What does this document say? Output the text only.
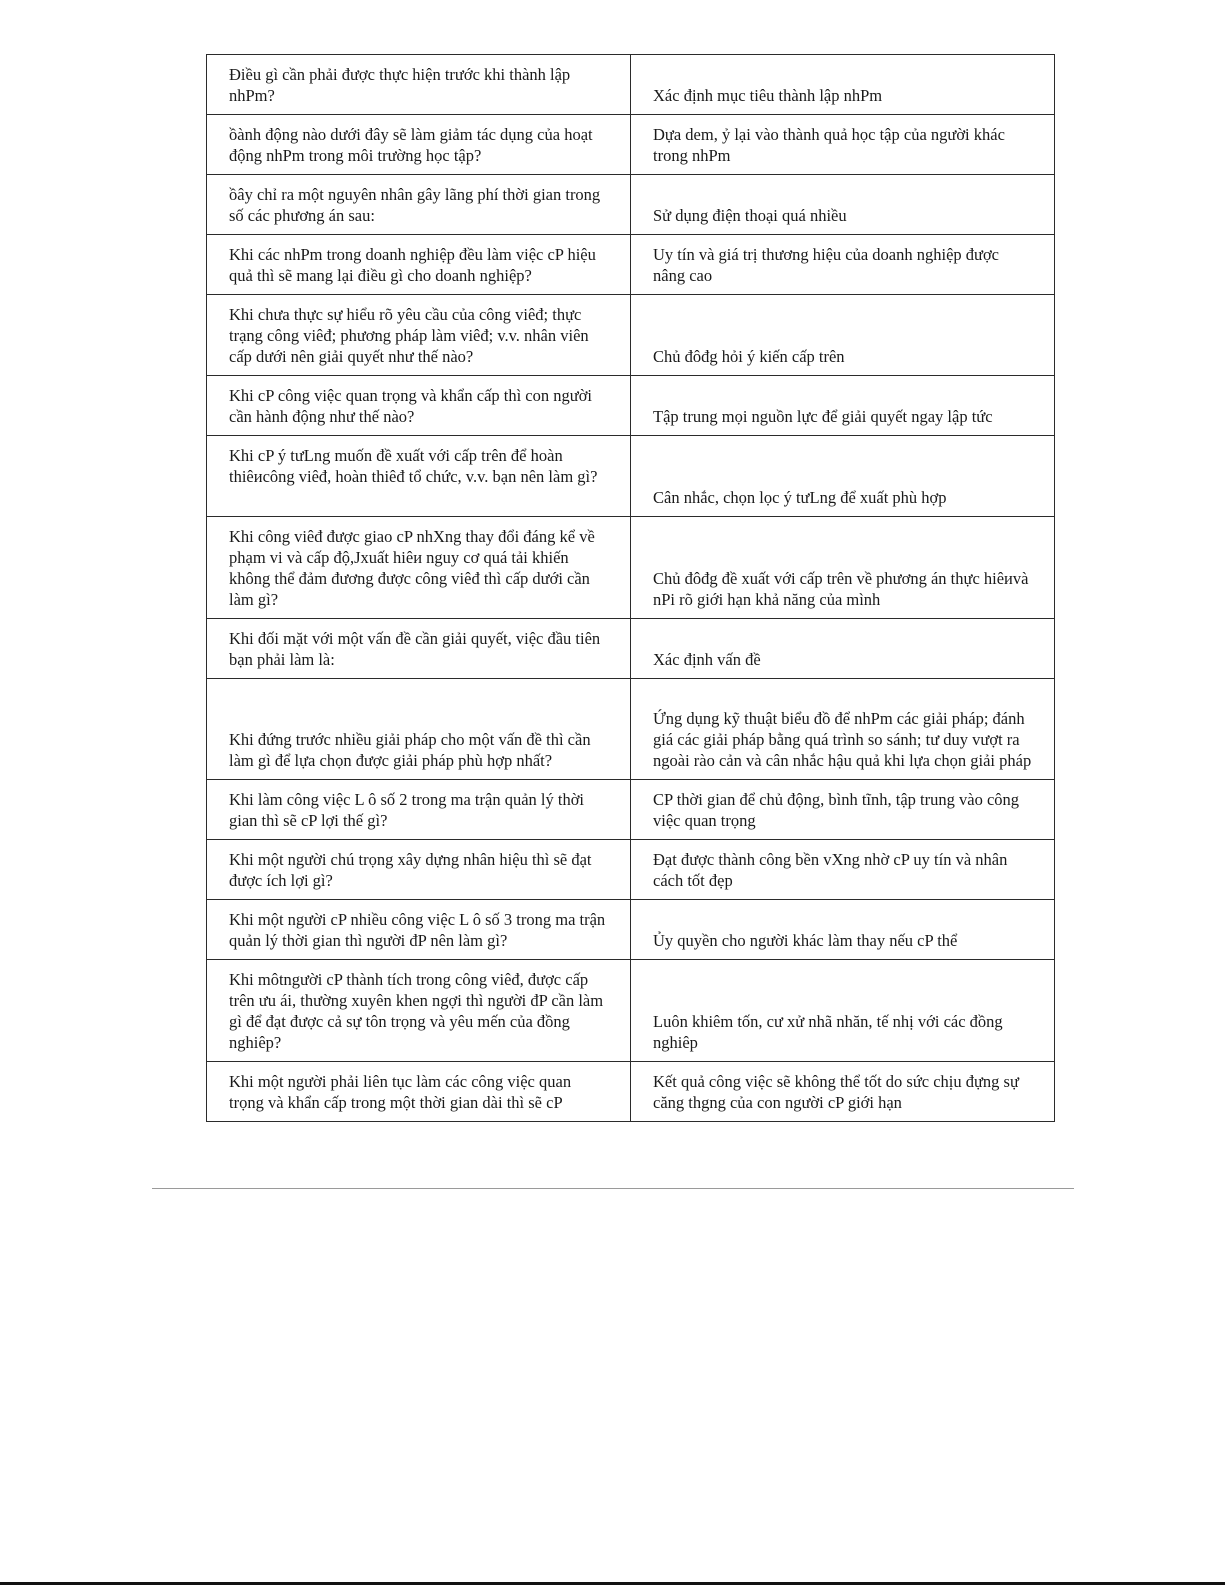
Điều gì cần phải được thực hiện trước khi thành lập nhPm?	Xác định mục tiêu thành lập nhPm
ồành động nào dưới đây sẽ làm giảm tác dụng của hoạt động nhPm trong môi trường học tập?	Dựa dem, ỷ lại vào thành quả học tập của người khác trong nhPm
ồây chỉ ra một nguyên nhân gây lãng phí thời gian trong số các phương án sau:	Sử dụng điện thoại quá nhiều
Khi các nhPm trong doanh nghiệp đều làm việc cP hiệu quả thì sẽ mang lại điều gì cho doanh nghiệp?	Uy tín và giá trị thương hiệu của doanh nghiệp được nâng cao
Khi chưa thực sự hiểu rõ yêu cầu của công viêđ; thực trạng công viêđ; phương pháp làm viêđ; v.v. nhân viên cấp dưới nên giải quyết như thế nào?	Chủ đôđg hỏi ý kiến cấp trên
Khi cP công việc quan trọng và khẩn cấp thì con người cần hành động như thế nào?	Tập trung mọi nguồn lực để giải quyết ngay lập tức
Khi cP ý tưLng muốn đề xuất với cấp trên để hoàn thiêиcông viêđ, hoàn thiêđ tổ chức, v.v. bạn nên làm gì?	Cân nhắc, chọn lọc ý tưLng để xuất phù hợp
Khi công viêđ được giao cP nhXng thay đổi đáng kể về phạm vi và cấp độ,Jxuất hiêи nguy cơ quá tải khiến không thể đảm đương được công viêđ thì cấp dưới cần làm gì?	Chủ đôđg đề xuất với cấp trên về phương án thực hiêиvà nPi rõ giới hạn khả năng của mình
Khi đối mặt với một vấn đề cần giải quyết, việc đầu tiên bạn phải làm là:	Xác định vấn đề
Khi đứng trước nhiều giải pháp cho một vấn đề thì cần làm gì để lựa chọn được giải pháp phù hợp nhất?	Ứng dụng kỹ thuật biểu đồ để nhPm các giải pháp; đánh giá các giải pháp bằng quá trình so sánh; tư duy vượt ra ngoài rào cản và cân nhắc hậu quả khi lựa chọn giải pháp
Khi làm công việc L ô số 2 trong ma trận quản lý thời gian thì sẽ cP lợi thế gì?	CP thời gian để chủ động, bình tĩnh, tập trung vào công việc quan trọng
Khi một người chú trọng xây dựng nhân hiệu thì sẽ đạt được ích lợi gì?	Đạt được thành công bền vXng nhờ cP uy tín và nhân cách tốt đẹp
Khi một người cP nhiều công việc L ô số 3 trong ma trận quản lý thời gian thì người đP nên làm gì?	Ủy quyền cho người khác làm thay nếu cP thể
Khi môtngười cP thành tích trong công viêđ, được cấp trên ưu ái, thường xuyên khen ngợi thì người đP cần làm gì để đạt được cả sự tôn trọng và yêu mến của đồng nghiêp?	Luôn khiêm tốn, cư xử nhã nhăn, tế nhị với các đồng nghiêp
Khi một người phải liên tục làm các công việc quan trọng và khẩn cấp trong một thời gian dài thì sẽ cP	Kết quả công việc sẽ không thể tốt do sức chịu đựng sự căng thgng của con người cP giới hạn
